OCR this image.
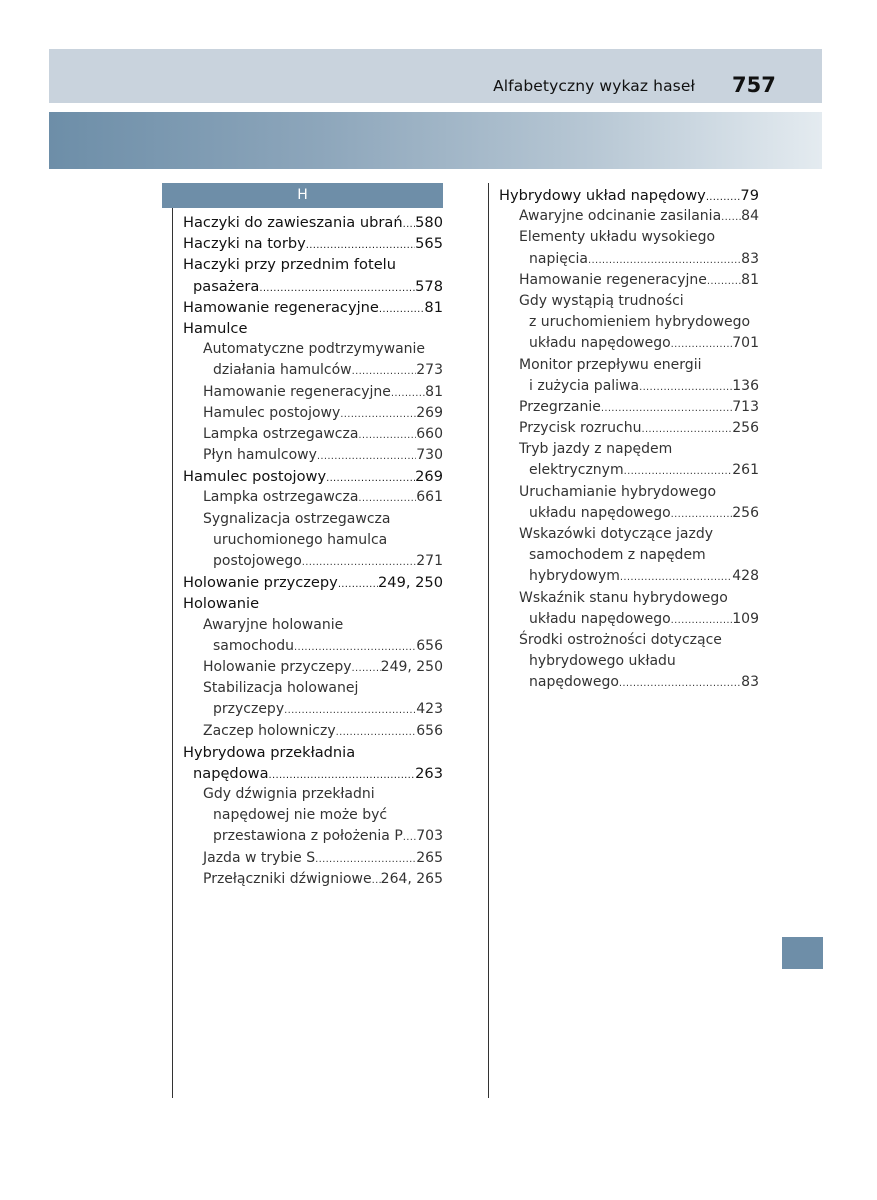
Alfabetyczny wykaz haseł 757
H
Haczyki do zawieszania ubrań ..... 580
Haczyki na torby .....	565
Haczyki przy przednim fotelu
pasażera .....	578
Hamowanie regeneracyjne .....	81
Hamulce
Automatyczne podtrzymywanie
działania hamulców .....	273
Hamowanie regeneracyjne ..... 81
Hamulec postojowy .....	269
Lampka ostrzegawcza .....	660
Płyn hamulcowy .....	730
Hamulec postojowy .....	269
Lampka ostrzegawcza .....	661
Sygnalizacja ostrzegawcza
uruchomionego hamulca
postojowego .....	271
Holowanie przyczepy .....	249, 250
Holowanie
Awaryjne holowanie
samochodu .....	656
Holowanie przyczepy ..... 249, 250
Stabilizacja holowanej
przyczepy .....	423
Zaczep holowniczy .....	656
Hybrydowa przekładnia
napędowa .....	263
Gdy dźwignia przekładni
napędowej nie może być
przestawiona z położenia P ..... 703
Jazda w trybie S .....	265
Przełączniki dźwigniowe ..... 264, 265
Hybrydowy układ napędowy ..... 79
Awaryjne odcinanie zasilania ..... 84
Elementy układu wysokiego
napięcia .....	83
Hamowanie regeneracyjne ..... 81
Gdy wystąpią trudności
z uruchomieniem hybrydowego
układu napędowego .....	701
Monitor przepływu energii
i zużycia paliwa .....	136
Przegrzanie .....	713
Przycisk rozruchu .....	256
Tryb jazdy z napędem
elektrycznym .....	261
Uruchamianie hybrydowego
układu napędowego .....	256
Wskazówki dotyczące jazdy
samochodem z napędem
hybrydowym .....	428
Wskaźnik stanu hybrydowego
układu napędowego .....	109
Środki ostrożności dotyczące
hybrydowego układu
napędowego .....	83
